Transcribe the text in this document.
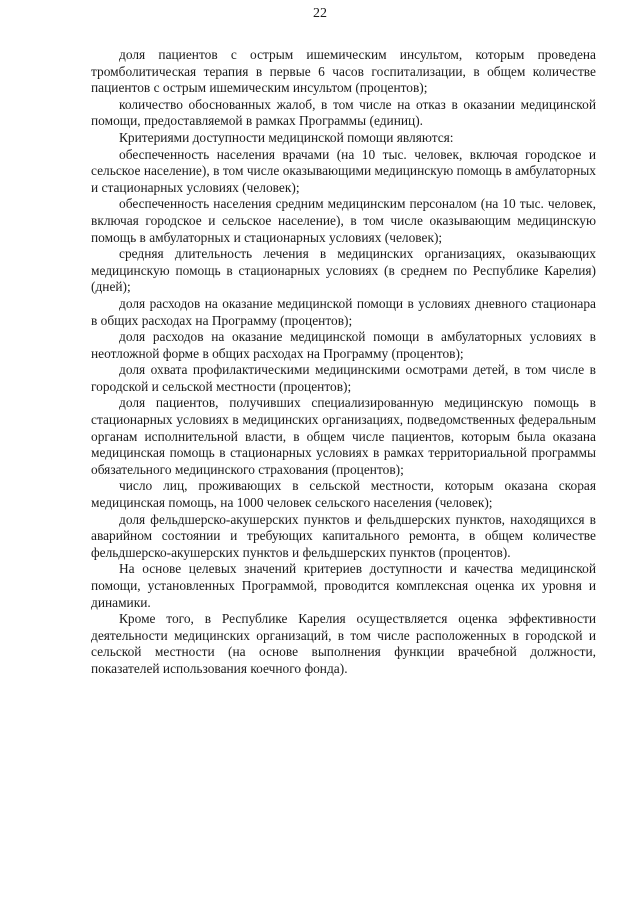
22

доля пациентов с острым ишемическим инсультом, которым проведена тромболитическая терапия в первые 6 часов госпитализации, в общем количестве пациентов с острым ишемическим инсультом (процентов);

количество обоснованных жалоб, в том числе на отказ в оказании медицинской помощи, предоставляемой в рамках Программы (единиц).

Критериями доступности медицинской помощи являются:

обеспеченность населения врачами (на 10 тыс. человек, включая городское и сельское население), в том числе оказывающими медицинскую помощь в амбулаторных и стационарных условиях (человек);

обеспеченность населения средним медицинским персоналом (на 10 тыс. человек, включая городское и сельское население), в том числе оказывающим медицинскую помощь в амбулаторных и стационарных условиях (человек);

средняя длительность лечения в медицинских организациях, оказывающих медицинскую помощь в стационарных условиях (в среднем по Республике Карелия) (дней);

доля расходов на оказание медицинской помощи в условиях дневного стационара в общих расходах на Программу (процентов);

доля расходов на оказание медицинской помощи в амбулаторных условиях в неотложной форме в общих расходах на Программу (процентов);

доля охвата профилактическими медицинскими осмотрами детей, в том числе в городской и сельской местности (процентов);

доля пациентов, получивших специализированную медицинскую помощь в стационарных условиях в медицинских организациях, подведомственных федеральным органам исполнительной власти, в общем числе пациентов, которым была оказана медицинская помощь в стационарных условиях в рамках территориальной программы обязательного медицинского страхования (процентов);

число лиц, проживающих в сельской местности, которым оказана скорая медицинская помощь, на 1000 человек сельского населения (человек);

доля фельдшерско-акушерских пунктов и фельдшерских пунктов, находящихся в аварийном состоянии и требующих капитального ремонта, в общем количестве фельдшерско-акушерских пунктов и фельдшерских пунктов (процентов).

На основе целевых значений критериев доступности и качества медицинской помощи, установленных Программой, проводится комплексная оценка их уровня и динамики.

Кроме того, в Республике Карелия осуществляется оценка эффективности деятельности медицинских организаций, в том числе расположенных в городской и сельской местности (на основе выполнения функции врачебной должности, показателей использования коечного фонда).
